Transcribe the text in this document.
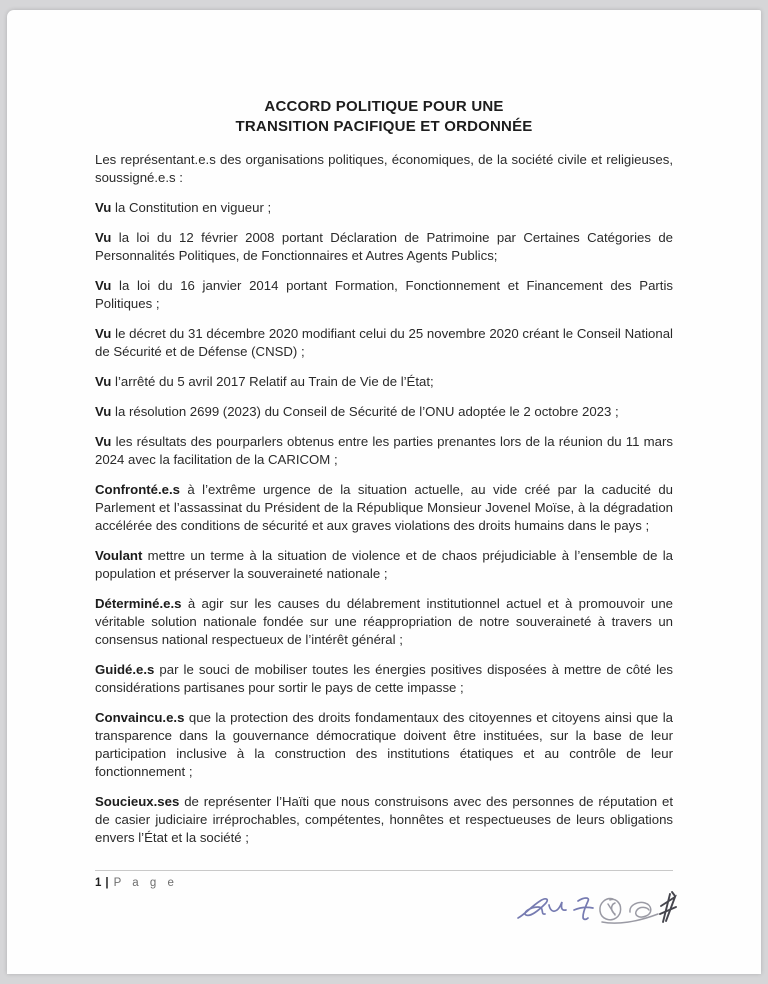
ACCORD POLITIQUE POUR UNE
TRANSITION PACIFIQUE ET ORDONNÉE

Les représentant.e.s des organisations politiques, économiques, de la société civile et religieuses, soussigné.e.s :

Vu la Constitution en vigueur ;

Vu la loi du 12 février 2008 portant Déclaration de Patrimoine par Certaines Catégories de Personnalités Politiques, de Fonctionnaires et Autres Agents Publics;

Vu la loi du 16 janvier 2014 portant Formation, Fonctionnement et Financement des Partis Politiques ;

Vu le décret du 31 décembre 2020 modifiant celui du 25 novembre 2020 créant le Conseil National de Sécurité et de Défense (CNSD) ;

Vu l’arrêté du 5 avril 2017 Relatif au Train de Vie de l’État;

Vu la résolution 2699 (2023) du Conseil de Sécurité de l’ONU adoptée le 2 octobre 2023 ;

Vu les résultats des pourparlers obtenus entre les parties prenantes lors de la réunion du 11 mars 2024 avec la facilitation de la CARICOM ;

Confronté.e.s à l’extrême urgence de la situation actuelle, au vide créé par la caducité du Parlement et l’assassinat du Président de la République Monsieur Jovenel Moïse, à la dégradation accélérée des conditions de sécurité et aux graves violations des droits humains dans le pays ;

Voulant mettre un terme à la situation de violence et de chaos préjudiciable à l’ensemble de la population et préserver la souveraineté nationale ;

Déterminé.e.s à agir sur les causes du délabrement institutionnel actuel et à promouvoir une véritable solution nationale fondée sur une réappropriation de notre souveraineté à travers un consensus national respectueux de l’intérêt général ;

Guidé.e.s par le souci de mobiliser toutes les énergies positives disposées à mettre de côté les considérations partisanes pour sortir le pays de cette impasse ;

Convaincu.e.s que la protection des droits fondamentaux des citoyennes et citoyens ainsi que la transparence dans la gouvernance démocratique doivent être instituées, sur la base de leur participation inclusive à la construction des institutions étatiques et au contrôle de leur fonctionnement ;

Soucieux.ses de représenter l’Haïti que nous construisons avec des personnes de réputation et de casier judiciaire irréprochables, compétentes, honnêtes et respectueuses de leurs obligations envers l’État et la société ;

1 | P a g e
